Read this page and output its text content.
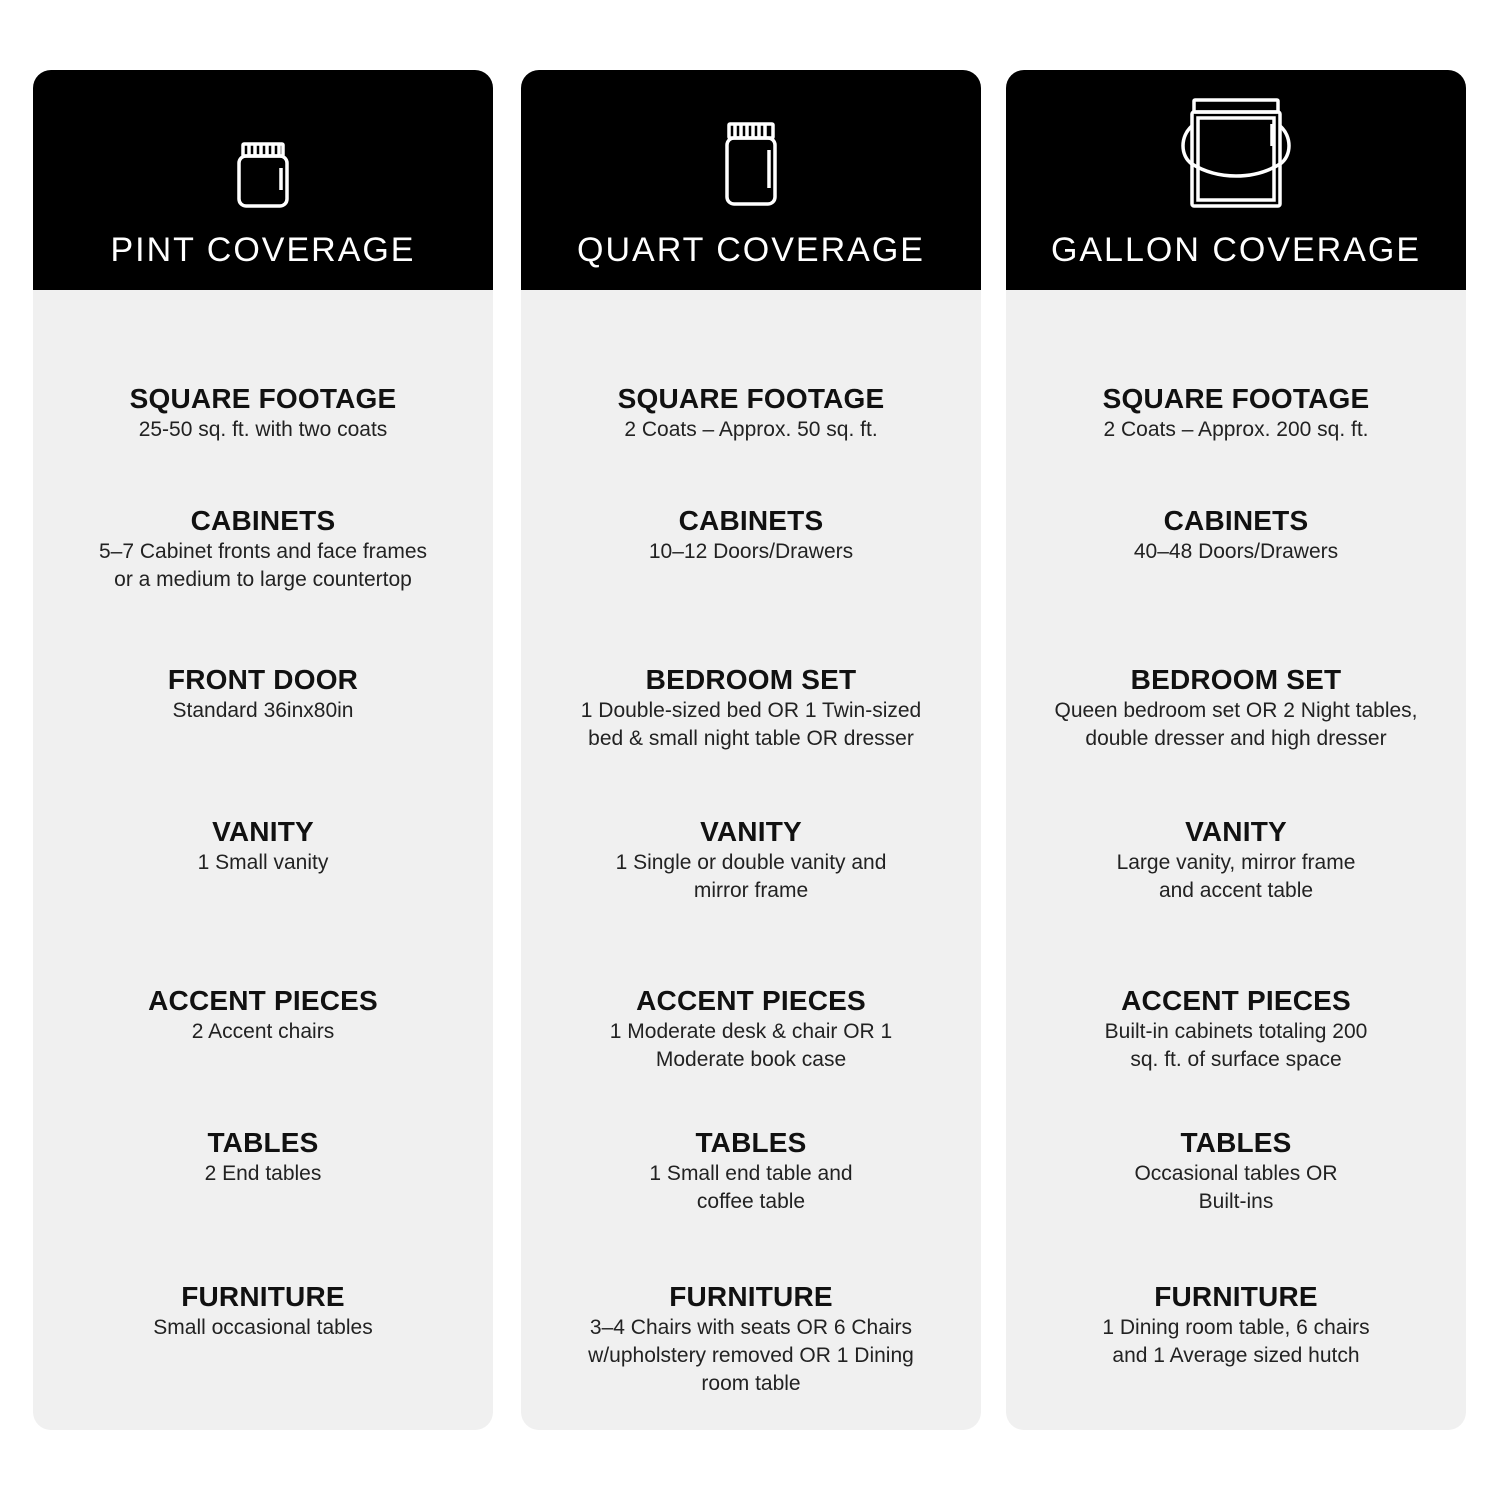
PINT COVERAGE
SQUARE FOOTAGE
25-50 sq. ft. with two coats
CABINETS
5–7 Cabinet fronts and face frames
or a medium to large countertop
FRONT DOOR
Standard 36inx80in
VANITY
1 Small vanity
ACCENT PIECES
2 Accent chairs
TABLES
2 End tables
FURNITURE
Small occasional tables
QUART COVERAGE
SQUARE FOOTAGE
2 Coats – Approx. 50 sq. ft.
CABINETS
10–12 Doors/Drawers
BEDROOM SET
1 Double-sized bed OR 1 Twin-sized
bed & small night table OR dresser
VANITY
1 Single or double vanity and
mirror frame
ACCENT PIECES
1 Moderate desk & chair OR 1
Moderate book case
TABLES
1 Small end table and
coffee table
FURNITURE
3–4 Chairs with seats OR 6 Chairs
w/upholstery removed OR 1 Dining
room table
GALLON COVERAGE
SQUARE FOOTAGE
2 Coats – Approx. 200 sq. ft.
CABINETS
40–48 Doors/Drawers
BEDROOM SET
Queen bedroom set OR 2 Night tables,
double dresser and high dresser
VANITY
Large vanity, mirror frame
and accent table
ACCENT PIECES
Built-in cabinets totaling 200
sq. ft. of surface space
TABLES
Occasional tables OR
Built-ins
FURNITURE
1 Dining room table, 6 chairs
and 1 Average sized hutch
